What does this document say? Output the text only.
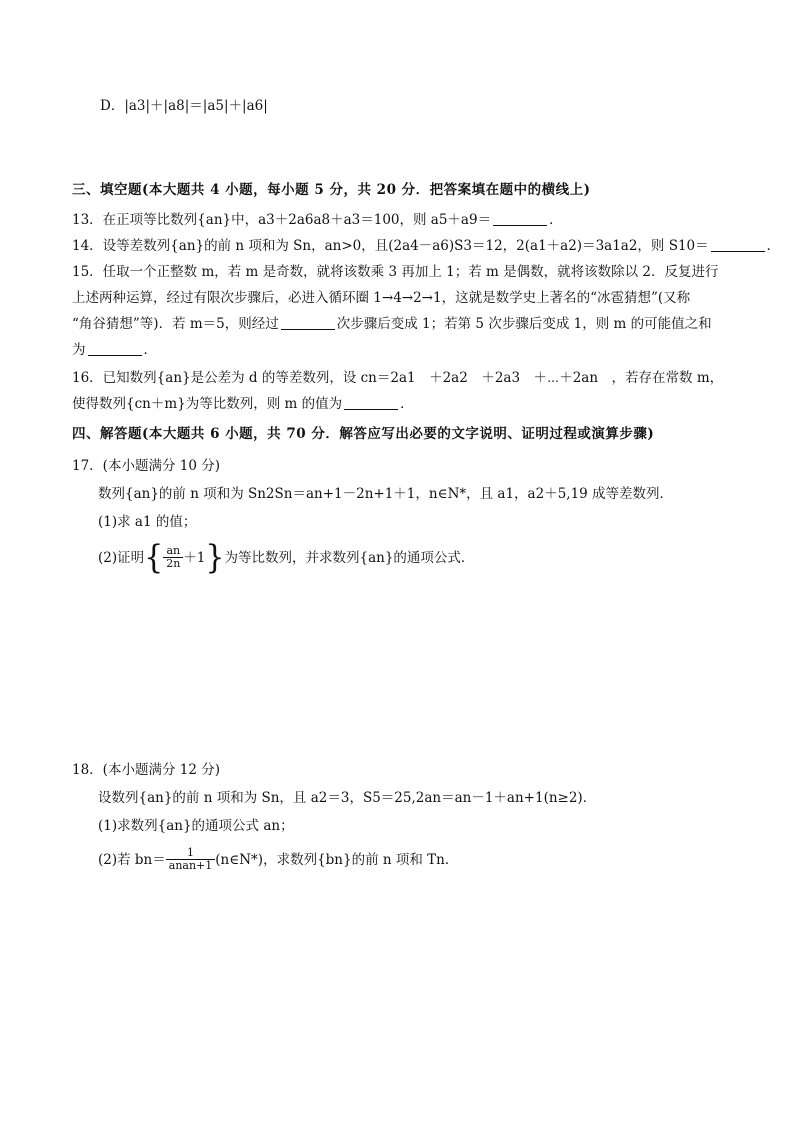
D．|a3|＋|a8|＝|a5|＋|a6|
三、填空题(本大题共 4 小题，每小题 5 分，共 20 分．把答案填在题中的横线上)
13．在正项等比数列{an}中，a3＋2a6a8＋a3＝100，则 a5＋a9＝	．
14．设等差数列{an}的前 n 项和为 Sn，an>0，且(2a4－a6)S3＝12，2(a1＋a2)＝3a1a2，则 S10＝	．
15．任取一个正整数 m，若 m 是奇数，就将该数乘 3 再加上 1；若 m 是偶数，就将该数除以 2．反复进行
上述两种运算，经过有限次步骤后，必进入循环圈 1→4→2→1，这就是数学史上著名的“冰雹猜想”(又称
“角谷猜想”等)．若 m＝5，则经过	次步骤后变成 1；若第 5 次步骤后变成 1，则 m 的可能值之和
为	．
16．已知数列{an}是公差为 d 的等差数列，设 cn＝2a1　＋2a2　＋2a3　＋⋯＋2an　，若存在常数 m，
使得数列{cn＋m}为等比数列，则 m 的值为	．
四、解答题(本大题共 6 小题，共 70 分．解答应写出必要的文字说明、证明过程或演算步骤)
17．(本小题满分 10 分)
数列{an}的前 n 项和为 Sn2Sn＝an+1－2n+1＋1，n∈N*，且 a1，a2＋5,19 成等差数列．
(1)求 a1 的值；
(2)证明{ $\frac{an}{2n} +1$}为等比数列，并求数列{an}的通项公式．
18．(本小题满分 12 分)
设数列{an}的前 n 项和为 Sn，且 a2＝3，S5＝25,2an＝an－1＋an+1(n≥2)．
(1)求数列{an}的通项公式 an；
(2)若 $bn= \frac{1}{\text{anan+1}}$ (n∈N*)，求数列{bn}的前 n 项和 Tn．
